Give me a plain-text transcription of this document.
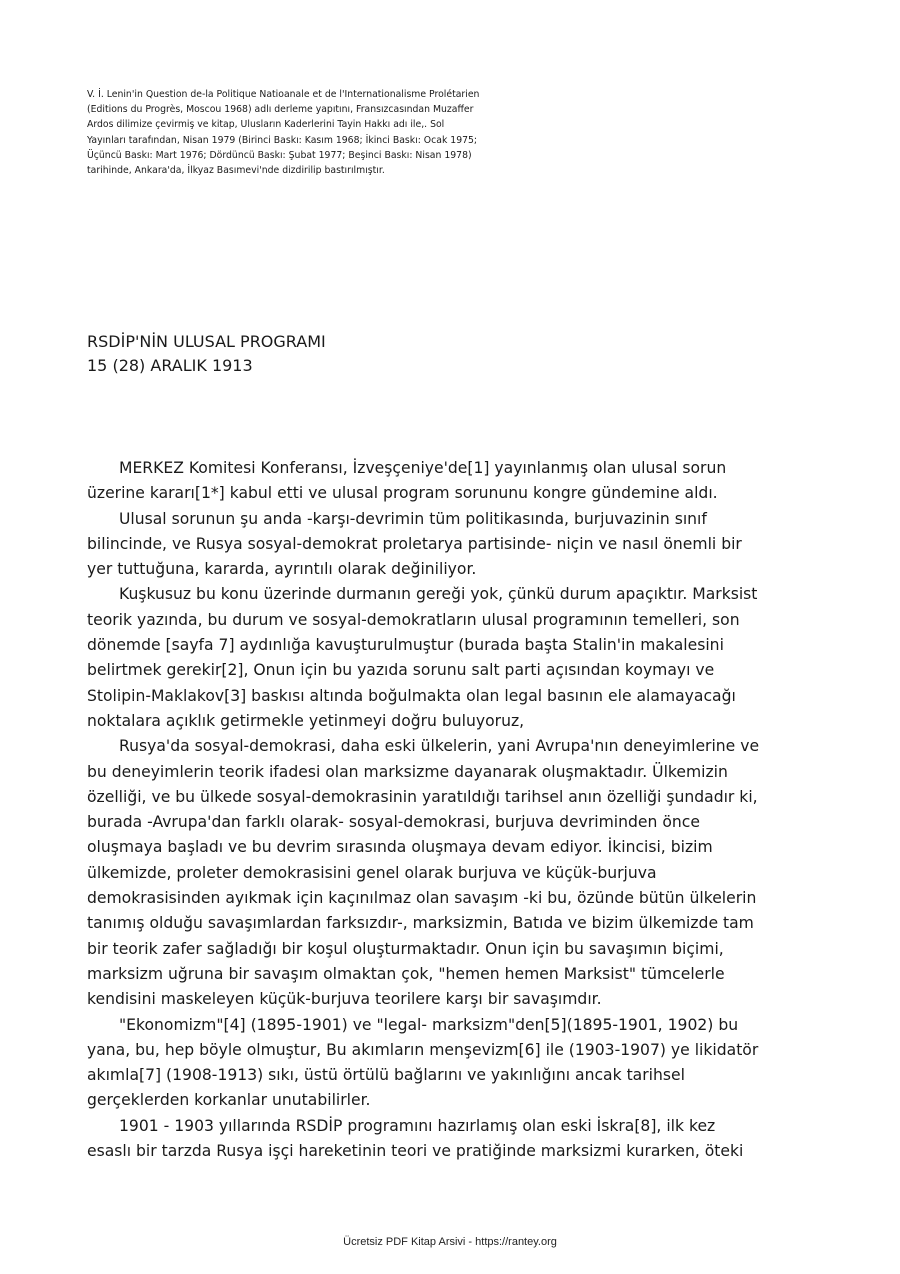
V. İ. Lenin'in Question de-la Politique Natioanale et de l'Internationalisme Prolétarien
(Editions du Progrès, Moscou 1968) adlı derleme yapıtını, Fransızcasından Muzaffer
Ardos dilimize çevirmiş ve kitap, Ulusların Kaderlerini Tayin Hakkı adı ile,. Sol
Yayınları tarafından, Nisan 1979 (Birinci Baskı: Kasım 1968; İkinci Baskı: Ocak 1975;
Üçüncü Baskı: Mart 1976; Dördüncü Baskı: Şubat 1977; Beşinci Baskı: Nisan 1978)
tarihinde, Ankara'da, İlkyaz Basımevi'nde dizdirilip bastırılmıştır.
RSDİP'NİN ULUSAL PROGRAMI
15 (28) ARALIK 1913

MERKEZ Komitesi Konferansı, İzveşçeniye'de[1] yayınlanmış olan ulusal sorun
üzerine kararı[1*] kabul etti ve ulusal program sorununu kongre gündemine aldı.

Ulusal sorunun şu anda -karşı-devrimin tüm politikasında, burjuvazinin sınıf
bilincinde, ve Rusya sosyal-demokrat proletarya partisinde- niçin ve nasıl önemli bir
yer tuttuğuna, kararda, ayrıntılı olarak değiniliyor.

Kuşkusuz bu konu üzerinde durmanın gereği yok, çünkü durum apaçıktır. Marksist
teorik yazında, bu durum ve sosyal-demokratların ulusal programının temelleri, son
dönemde [sayfa 7] aydınlığa kavuşturulmuştur (burada başta Stalin'in makalesini
belirtmek gerekir[2], Onun için bu yazıda sorunu salt parti açısından koymayı ve
Stolipin-Maklakov[3] baskısı altında boğulmakta olan legal basının ele alamayacağı
noktalara açıklık getirmekle yetinmeyi doğru buluyoruz,

Rusya'da sosyal-demokrasi, daha eski ülkelerin, yani Avrupa'nın deneyimlerine ve
bu deneyimlerin teorik ifadesi olan marksizme dayanarak oluşmaktadır. Ülkemizin
özelliği, ve bu ülkede sosyal-demokrasinin yaratıldığı tarihsel anın özelliği şundadır ki,
burada -Avrupa'dan farklı olarak- sosyal-demokrasi, burjuva devriminden önce
oluşmaya başladı ve bu devrim sırasında oluşmaya devam ediyor. İkincisi, bizim
ülkemizde, proleter demokrasisini genel olarak burjuva ve küçük-burjuva
demokrasisinden ayıkmak için kaçınılmaz olan savaşım -ki bu, özünde bütün ülkelerin
tanımış olduğu savaşımlardan farksızdır-, marksizmin, Batıda ve bizim ülkemizde tam
bir teorik zafer sağladığı bir koşul oluşturmaktadır. Onun için bu savaşımın biçimi,
marksizm uğruna bir savaşım olmaktan çok, "hemen hemen Marksist" tümcelerle
kendisini maskeleyen küçük-burjuva teorilere karşı bir savaşımdır.

"Ekonomizm"[4] (1895-1901) ve "legal- marksizm"den[5](1895-1901, 1902) bu
yana, bu, hep böyle olmuştur, Bu akımların menşevizm[6] ile (1903-1907) ye likidatör
akımla[7] (1908-1913) sıkı, üstü örtülü bağlarını ve yakınlığını ancak tarihsel
gerçeklerden korkanlar unutabilirler.

1901 - 1903 yıllarında RSDİP programını hazırlamış olan eski İskra[8], ilk kez
esaslı bir tarzda Rusya işçi hareketinin teori ve pratiğinde marksizmi kurarken, öteki

Ücretsiz PDF Kitap Arsivi - https://rantey.org
